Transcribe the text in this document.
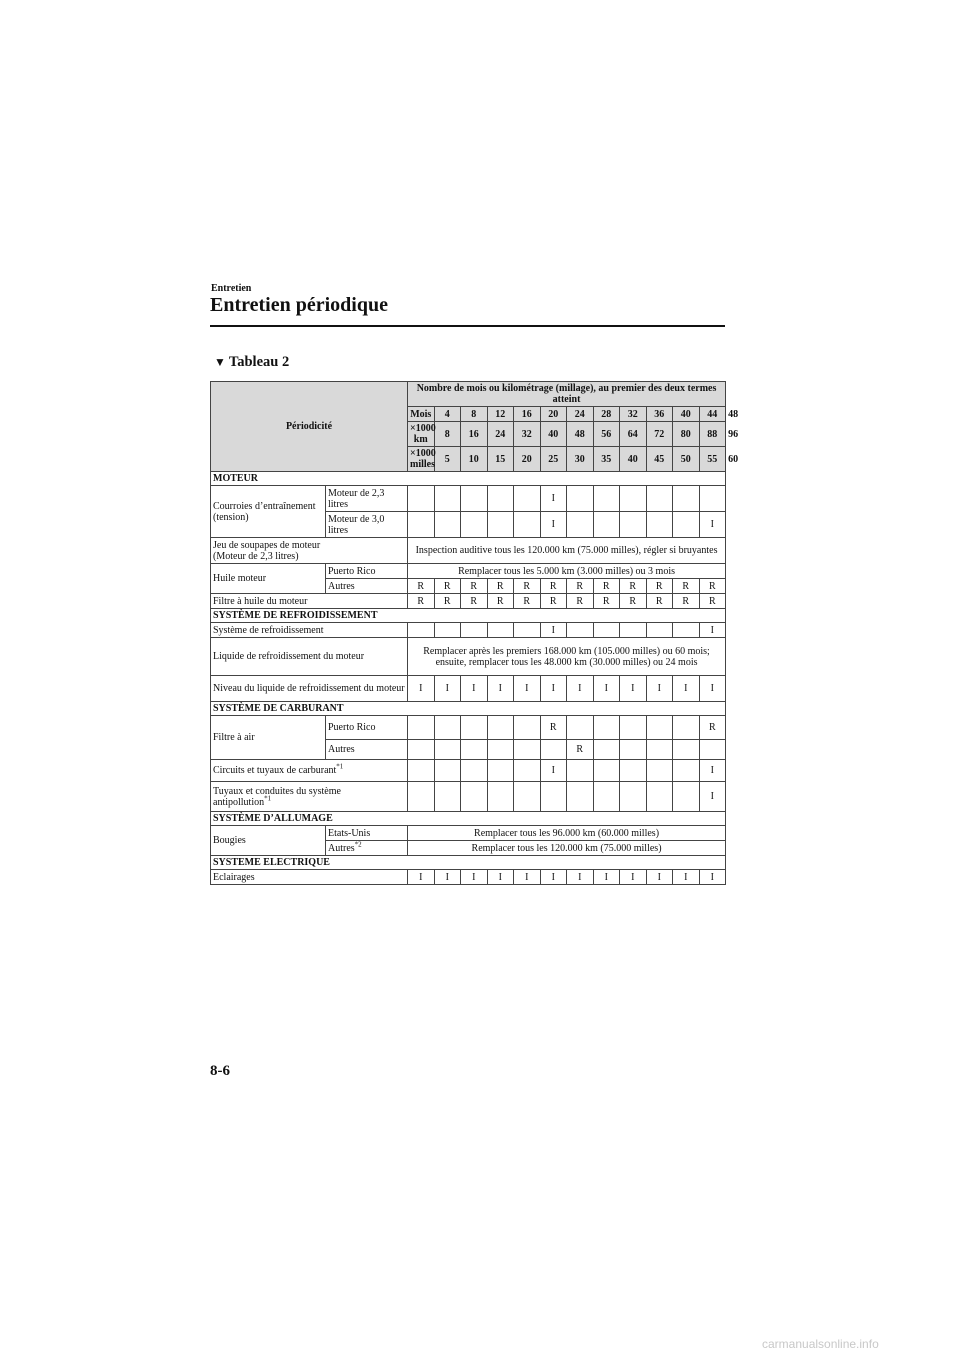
Entretien
Entretien périodique
▼ Tableau 2
Périodicité		Nombre de mois ou kilométrage (millage), au premier des deux termes atteint												
		Mois	4	8	12	16	20	24	28	32	36	40	44	48
		×1000 km	8	16	24	32	40	48	56	64	72	80	88	96
		×1000 milles	5	10	15	20	25	30	35	40	45	50	55	60
MOTEUR														
Courroies d’entraînement (tension)	Moteur de 2,3 litres						I							
	Moteur de 3,0 litres						I						I	
Jeu de soupapes de moteur
(Moteur de 2,3 litres)		Inspection auditive tous les 120.000 km (75.000 milles), régler si bruyantes												
Huile moteur	Puerto Rico	Remplacer tous les 5.000 km (3.000 milles) ou 3 mois												
	Autres	R	R	R	R	R	R	R	R	R	R	R	R	
Filtre à huile du moteur		R	R	R	R	R	R	R	R	R	R	R	R	
SYSTÈME DE REFROIDISSEMENT														
Système de refroidissement							I						I	
Liquide de refroidissement du moteur		Remplacer après les premiers 168.000 km (105.000 milles) ou 60 mois;
ensuite, remplacer tous les 48.000 km (30.000 milles) ou 24 mois												
Niveau du liquide de refroidissement du moteur		I	I	I	I	I	I	I	I	I	I	I	I	
SYSTÈME DE CARBURANT														
Filtre à air	Puerto Rico						R						R	
	Autres							R						
Circuits et tuyaux de carburant$^{*1}$							I						I	
Tuyaux et conduites du système
antipollution$^{*1}$													I	
SYSTÈME D’ALLUMAGE														
Bougies	Etats-Unis	Remplacer tous les 96.000 km (60.000 milles)												
	Autres$^{*2}$	Remplacer tous les 120.000 km (75.000 milles)												
SYSTEME ELECTRIQUE														
Eclairages		I	I	I	I	I	I	I	I	I	I	I	I	
8-6
carmanualsonline.info
